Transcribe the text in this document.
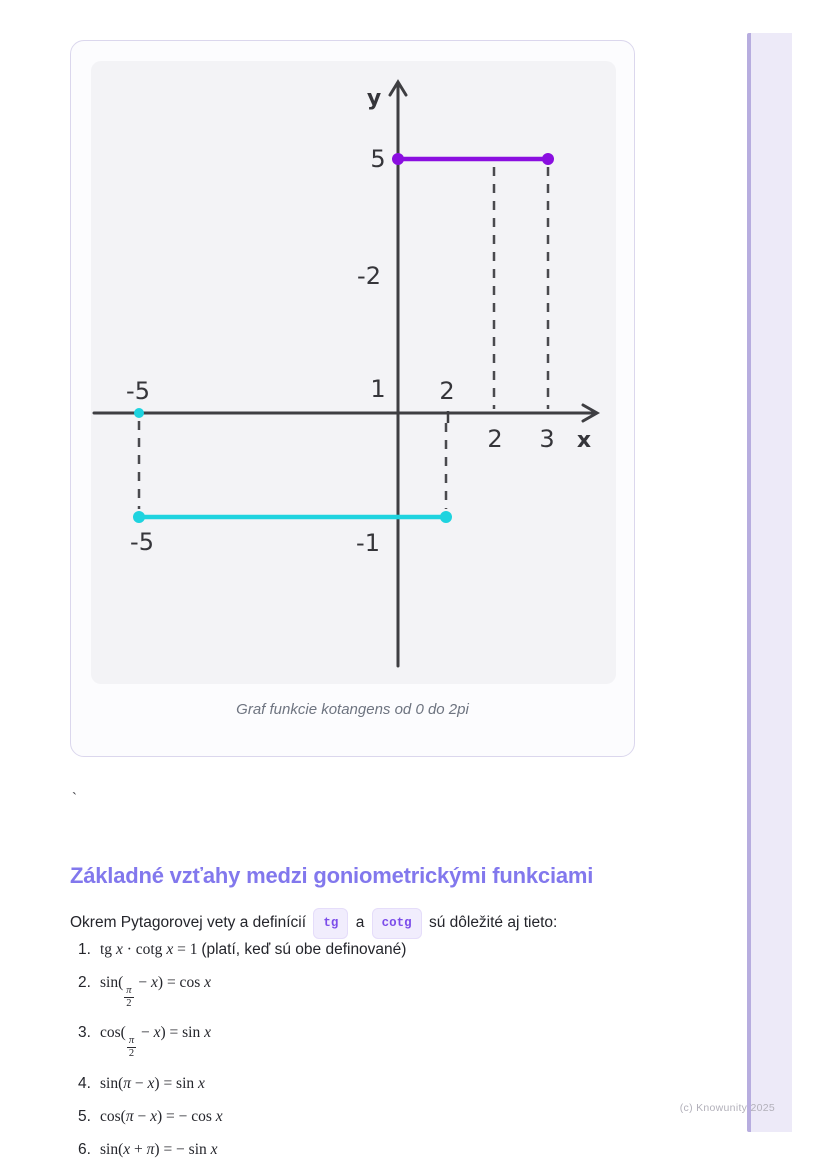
y
5
-2
1 2
-5
2 3 x
-5	-1
Graf funkcie kotangens od 0 do 2pi
`
Základné vzťahy medzi goniometrickými funkciami

Okrem Pytagorovej vety a definícií tg a cotg sú dôležité aj tieto:

1. tg x · cotg x = 1 (platí, keď sú obe definované)
2. sin(
$\frac{\pi}{2}$
− x) = cos x
3. cos(
$\frac{\pi}{2}$
− x) = sin x
4. sin(π − x) = sin x
5. cos(π − x) = − cos x
6. sin(x + π) = − sin x
(c) Knowunity 2025
